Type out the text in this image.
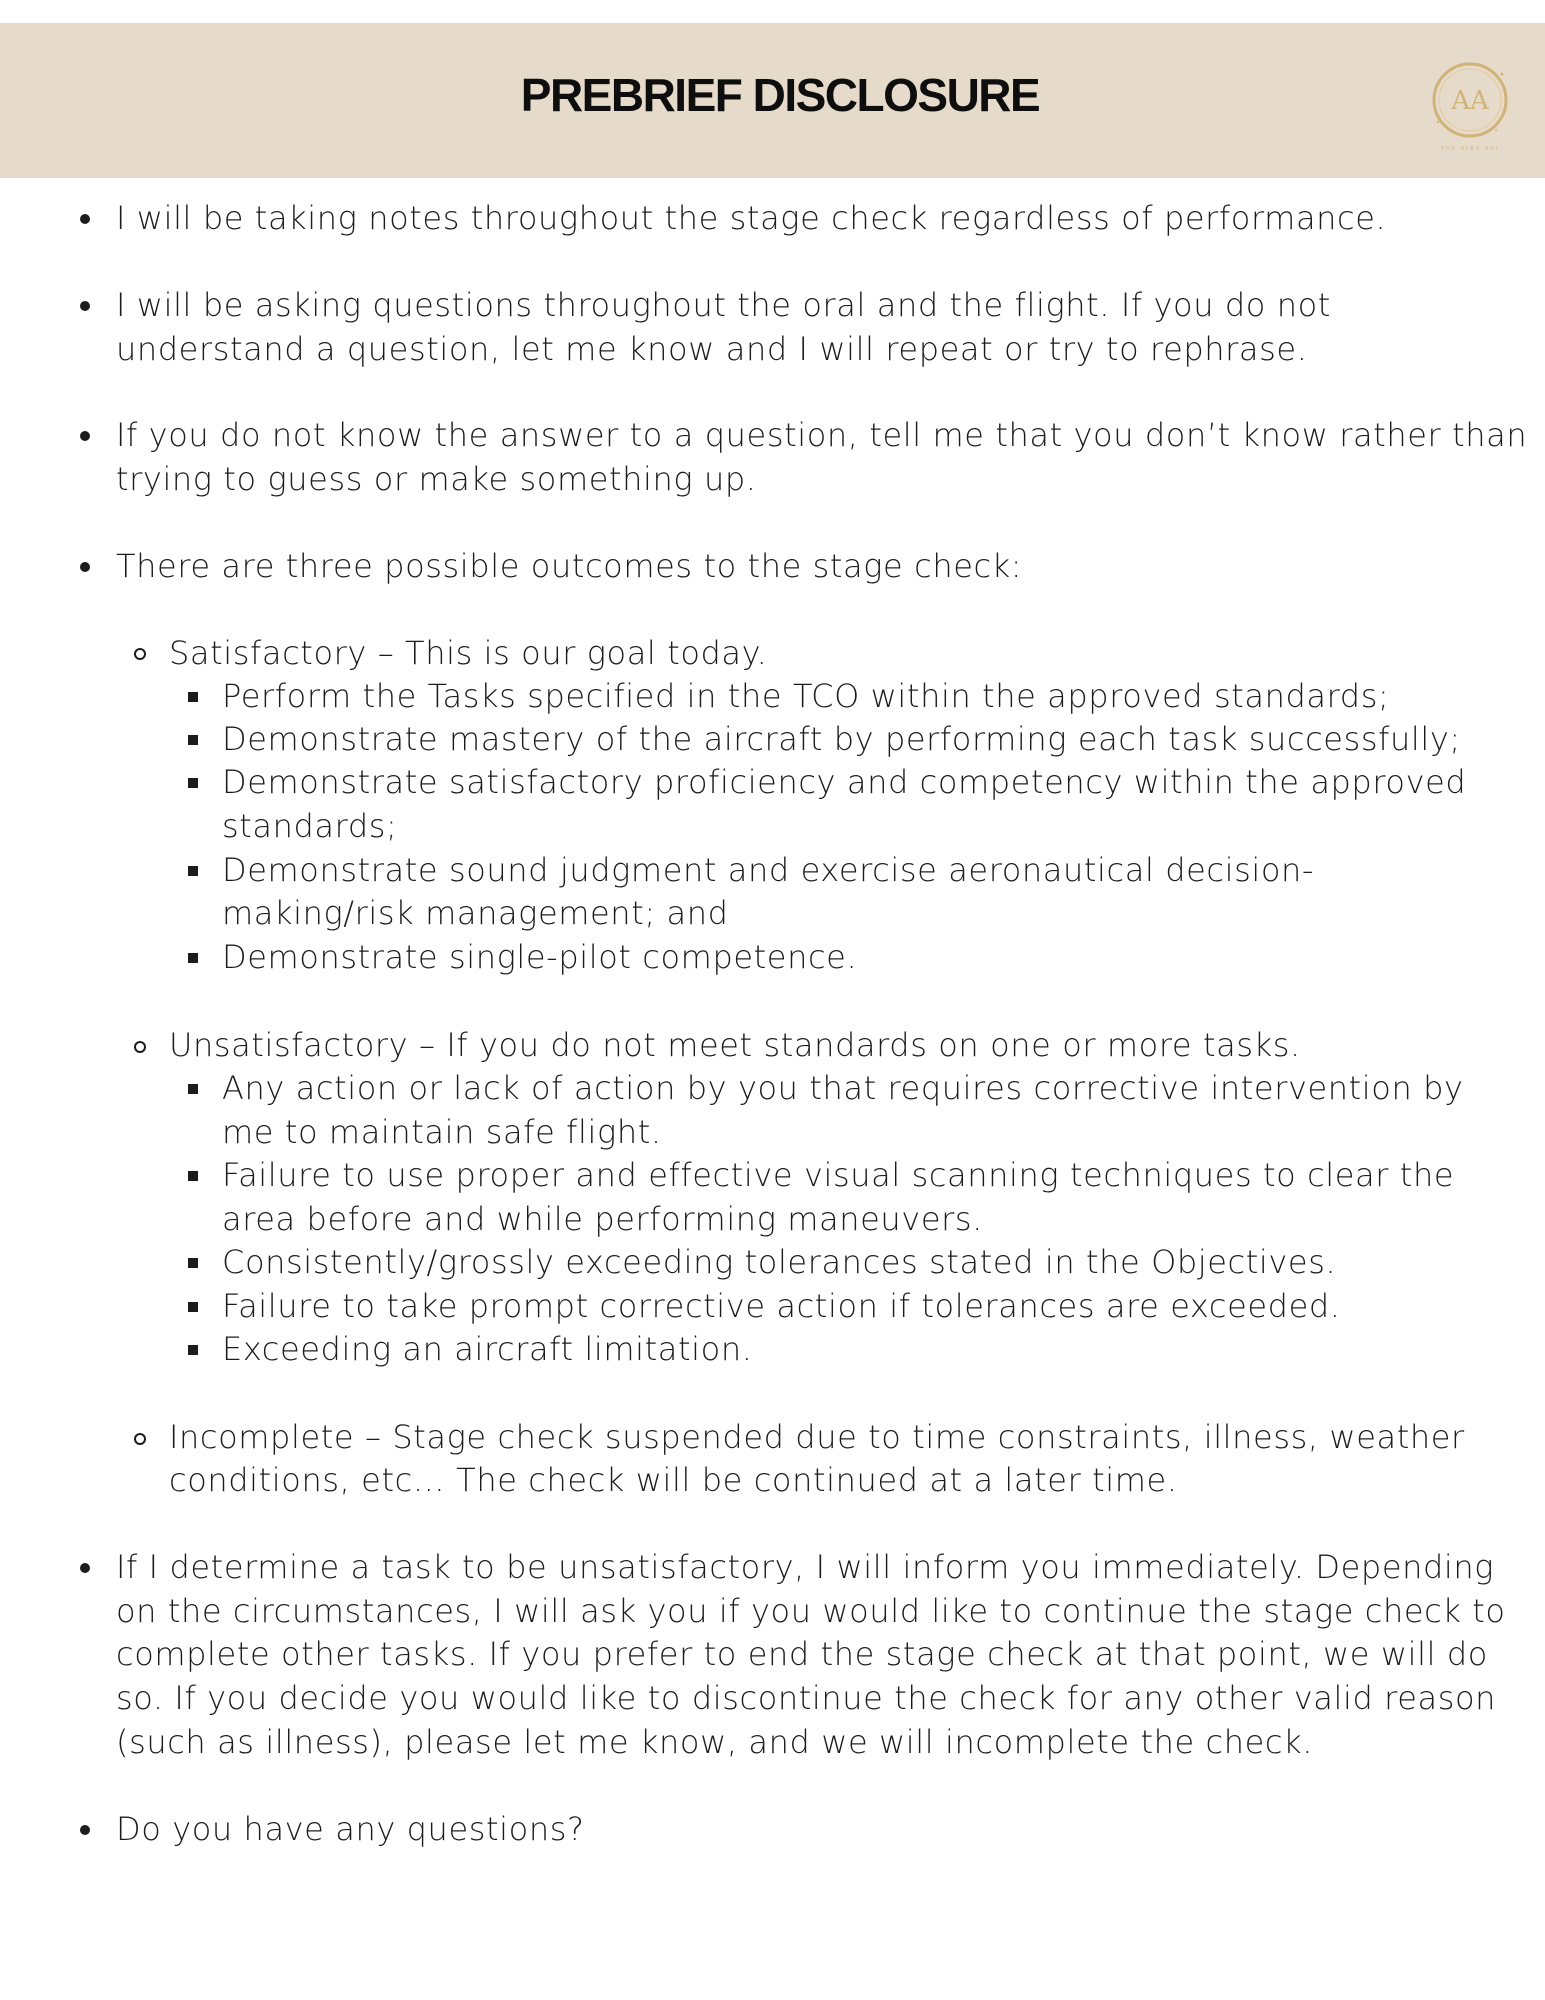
PREBRIEF DISCLOSURE	AA
THE ALEX AVI
I will be taking notes throughout the stage check regardless of performance.
I will be asking questions throughout the oral and the flight. If you do not
understand a question, let me know and I will repeat or try to rephrase.
If you do not know the answer to a question, tell me that you don’t know rather than
trying to guess or make something up.
There are three possible outcomes to the stage check:
Satisfactory – This is our goal today.
Perform the Tasks specified in the TCO within the approved standards;
Demonstrate mastery of the aircraft by performing each task successfully;
Demonstrate satisfactory proficiency and competency within the approved
standards;
Demonstrate sound judgment and exercise aeronautical decision-
making/risk management; and
Demonstrate single-pilot competence.
Unsatisfactory – If you do not meet standards on one or more tasks.
Any action or lack of action by you that requires corrective intervention by
me to maintain safe flight.
Failure to use proper and effective visual scanning techniques to clear the
area before and while performing maneuvers.
Consistently/grossly exceeding tolerances stated in the Objectives.
Failure to take prompt corrective action if tolerances are exceeded.
Exceeding an aircraft limitation.
Incomplete – Stage check suspended due to time constraints, illness, weather
conditions, etc… The check will be continued at a later time.
If I determine a task to be unsatisfactory, I will inform you immediately. Depending
on the circumstances, I will ask you if you would like to continue the stage check to
complete other tasks. If you prefer to end the stage check at that point, we will do
so. If you decide you would like to discontinue the check for any other valid reason
(such as illness), please let me know, and we will incomplete the check.
Do you have any questions?
